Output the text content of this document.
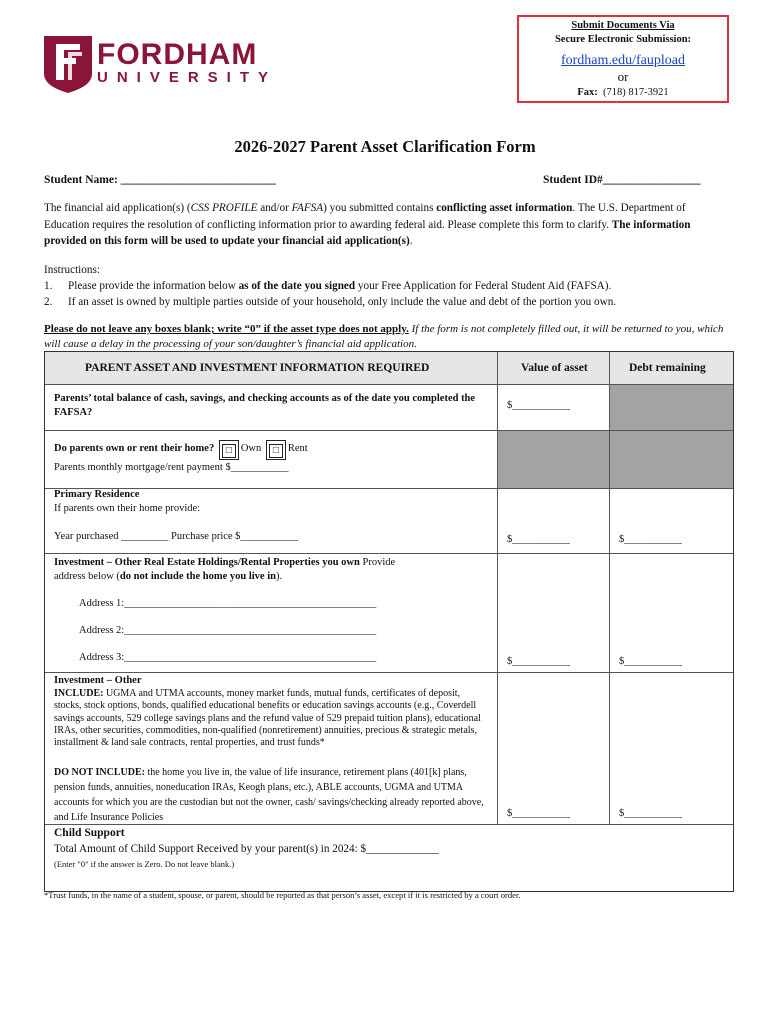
FORDHAM
UNIVERSITY
Submit Documents Via
Secure Electronic Submission:
fordham.edu/faupload
or
Fax: (718) 817-3921
2026-2027 Parent Asset Clarification Form
Student Name: ___________________________	Student ID#_________________
The financial aid application(s) (CSS PROFILE and/or FAFSA) you submitted contains conflicting asset information. The U.S. Department of Education requires the resolution of conflicting information prior to awarding federal aid. Please complete this form to clarify. The information provided on this form will be used to update your financial aid application(s).
Instructions:
1. Please provide the information below as of the date you signed your Free Application for Federal Student Aid (FAFSA).
2. If an asset is owned by multiple parties outside of your household, only include the value and debt of the portion you own.
Please do not leave any boxes blank; write “0” if the asset type does not apply. If the form is not completely filled out, it will be returned to you, which will cause a delay in the processing of your son/daughter’s financial aid application.
PARENT ASSET AND INVESTMENT INFORMATION REQUIRED	Value of asset	Debt remaining
Parents’ total balance of cash, savings, and checking accounts as of the date you completed the FAFSA?
$___________
Do parents own or rent their home? □ Own □ Rent
Parents monthly mortgage/rent payment $___________
Primary Residence
If parents own their home provide:
Year purchased _________ Purchase price $___________	$___________	$___________
Investment – Other Real Estate Holdings/Rental Properties you own Provide
address below (do not include the home you live in).
Address 1:________________________________________________
Address 2:________________________________________________
Address 3:________________________________________________	$___________	$___________
Investment – Other
INCLUDE: UGMA and UTMA accounts, money market funds, mutual funds, certificates of deposit, stocks, stock options, bonds, qualified educational benefits or education savings accounts (e.g., Coverdell savings accounts, 529 college savings plans and the refund value of 529 prepaid tuition plans), educational IRAs, other securities, commodities, non-qualified (nonretirement) annuities, precious & strategic metals, installment & land sale contracts, rental properties, and trust funds*
DO NOT INCLUDE: the home you live in, the value of life insurance, retirement plans (401[k] plans, pension funds, annuities, noneducation IRAs, Keogh plans, etc.), ABLE accounts, UGMA and UTMA accounts for which you are the custodian but not the owner, cash/ savings/checking already reported above, and Life Insurance Policies	$___________	$___________
Child Support
Total Amount of Child Support Received by your parent(s) in 2024: $_____________
(Enter "0" if the answer is Zero. Do not leave blank.)
*Trust funds, in the name of a student, spouse, or parent, should be reported as that person’s asset, except if it is restricted by a court order.
